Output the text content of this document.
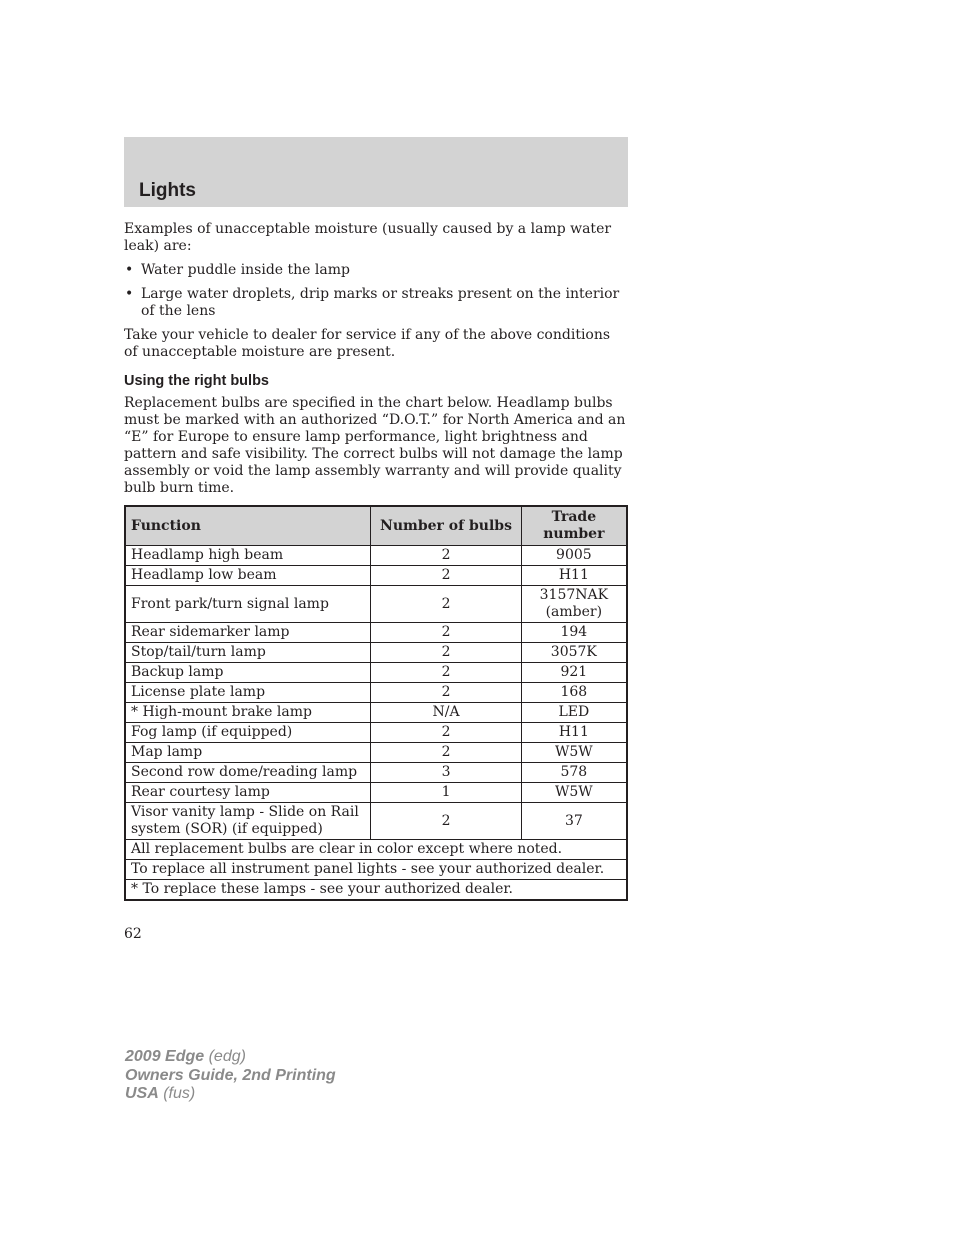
Lights

Examples of unacceptable moisture (usually caused by a lamp water leak) are:

• Water puddle inside the lamp
• Large water droplets, drip marks or streaks present on the interior of the lens

Take your vehicle to dealer for service if any of the above conditions of unacceptable moisture are present.

Using the right bulbs

Replacement bulbs are specified in the chart below. Headlamp bulbs must be marked with an authorized “D.O.T.” for North America and an “E” for Europe to ensure lamp performance, light brightness and pattern and safe visibility. The correct bulbs will not damage the lamp assembly or void the lamp assembly warranty and will provide quality bulb burn time.

Function	Number of bulbs	Trade number
Headlamp high beam	2	9005
Headlamp low beam	2	H11
Front park/turn signal lamp	2	3157NAK (amber)
Rear sidemarker lamp	2	194
Stop/tail/turn lamp	2	3057K
Backup lamp	2	921
License plate lamp	2	168
* High-mount brake lamp	N/A	LED
Fog lamp (if equipped)	2	H11
Map lamp	2	W5W
Second row dome/reading lamp	3	578
Rear courtesy lamp	1	W5W
Visor vanity lamp - Slide on Rail system (SOR) (if equipped)	2	37
All replacement bulbs are clear in color except where noted.		
To replace all instrument panel lights - see your authorized dealer.		
* To replace these lamps - see your authorized dealer.		
62
2009 Edge (edg)
Owners Guide, 2nd Printing
USA (fus)
